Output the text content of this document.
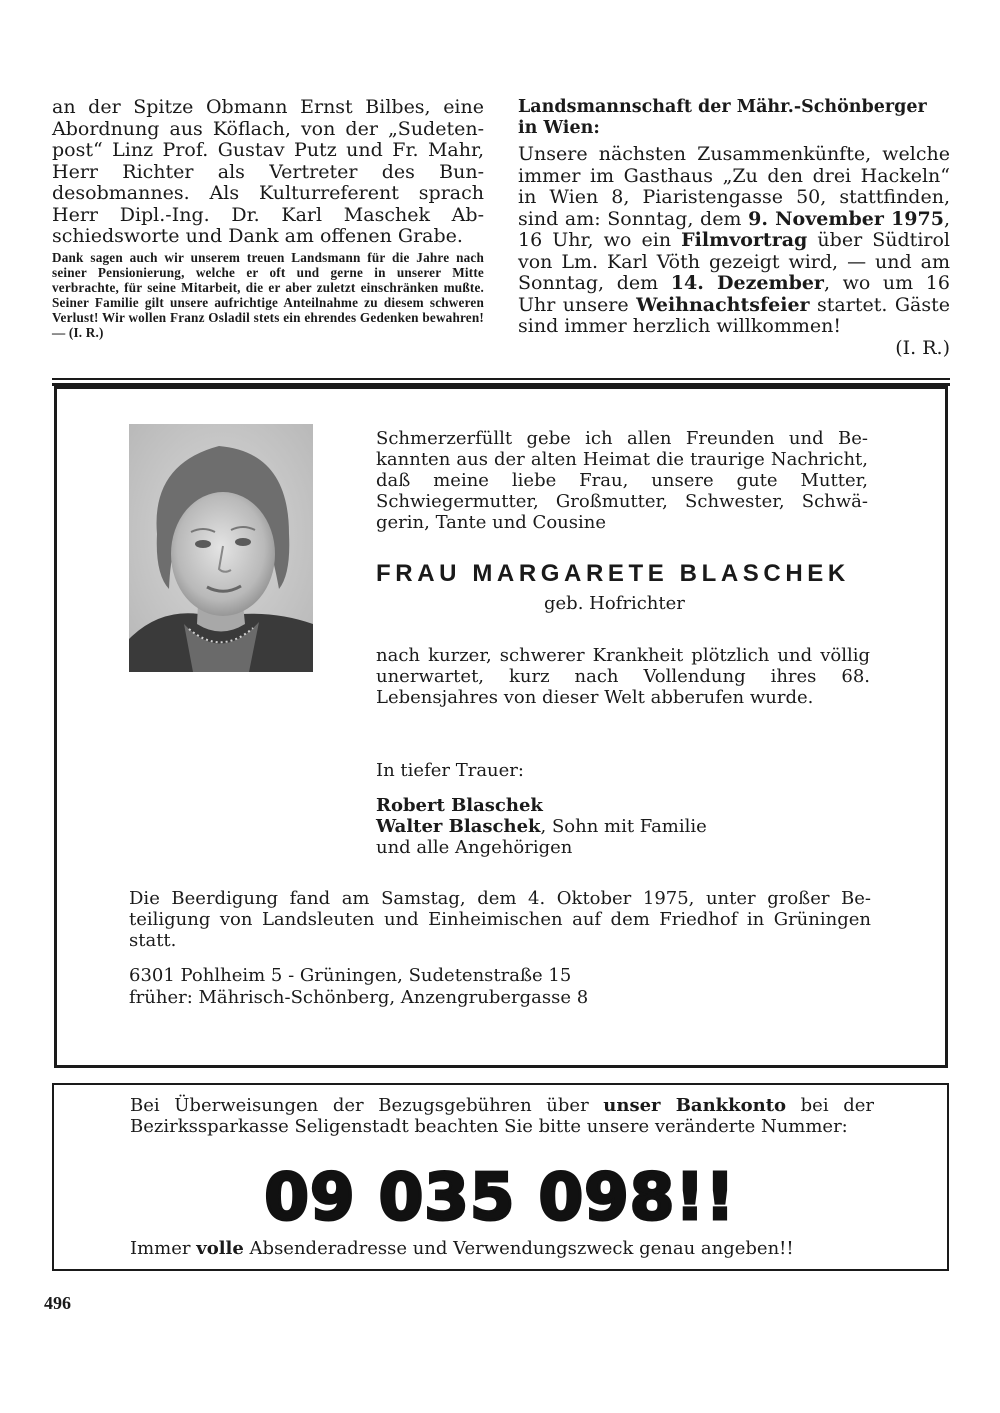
an der Spitze Obmann Ernst Bilbes, eine Abordnung aus Köflach, von der „Sudetenpost“ Linz Prof. Gustav Putz und Fr. Mahr, Herr Richter als Vertreter des Bundesobmannes. Als Kulturreferent sprach Herr Dipl.-Ing. Dr. Karl Maschek Abschiedsworte und Dank am offenen Grabe.

Dank sagen auch wir unserem treuen Landsmann für die Jahre nach seiner Pensionierung, welche er oft und gerne in unserer Mitte verbrachte, für seine Mitarbeit, die er aber zuletzt einschränken mußte. Seiner Familie gilt unsere aufrichtige Anteilnahme zu diesem schweren Verlust! Wir wollen Franz Osladil stets ein ehrendes Gedenken bewahren! — (I. R.)

Landsmannschaft der Mähr.-Schönberger in Wien:

Unsere nächsten Zusammenkünfte, welche immer im Gasthaus „Zu den drei Hackeln“ in Wien 8, Piaristengasse 50, stattfinden, sind am: Sonntag, dem 9. November 1975, 16 Uhr, wo ein Filmvortrag über Südtirol von Lm. Karl Vöth gezeigt wird, — und am Sonntag, dem 14. Dezember, wo um 16 Uhr unsere Weihnachtsfeier startet. Gäste sind immer herzlich willkommen!

(I. R.)

Schmerzerfüllt gebe ich allen Freunden und Bekannten aus der alten Heimat die traurige Nachricht, daß meine liebe Frau, unsere gute Mutter, Schwiegermutter, Großmutter, Schwester, Schwägerin, Tante und Cousine
FRAU MARGARETE BLASCHEK
geb. Hofrichter
nach kurzer, schwerer Krankheit plötzlich und völlig unerwartet, kurz nach Vollendung ihres 68. Lebensjahres von dieser Welt abberufen wurde.
In tiefer Trauer:
Robert Blaschek
Walter Blaschek, Sohn mit Familie
und alle Angehörigen
Die Beerdigung fand am Samstag, dem 4. Oktober 1975, unter großer Beteiligung von Landsleuten und Einheimischen auf dem Friedhof in Grüningen statt.
6301 Pohlheim 5 - Grüningen, Sudetenstraße 15
früher: Mährisch-Schönberg, Anzengrubergasse 8
Bei Überweisungen der Bezugsgebühren über unser Bankkonto bei der Bezirkssparkasse Seligenstadt beachten Sie bitte unsere veränderte Nummer:
09 035 098!!
Immer volle Absenderadresse und Verwendungszweck genau angeben!!
496
